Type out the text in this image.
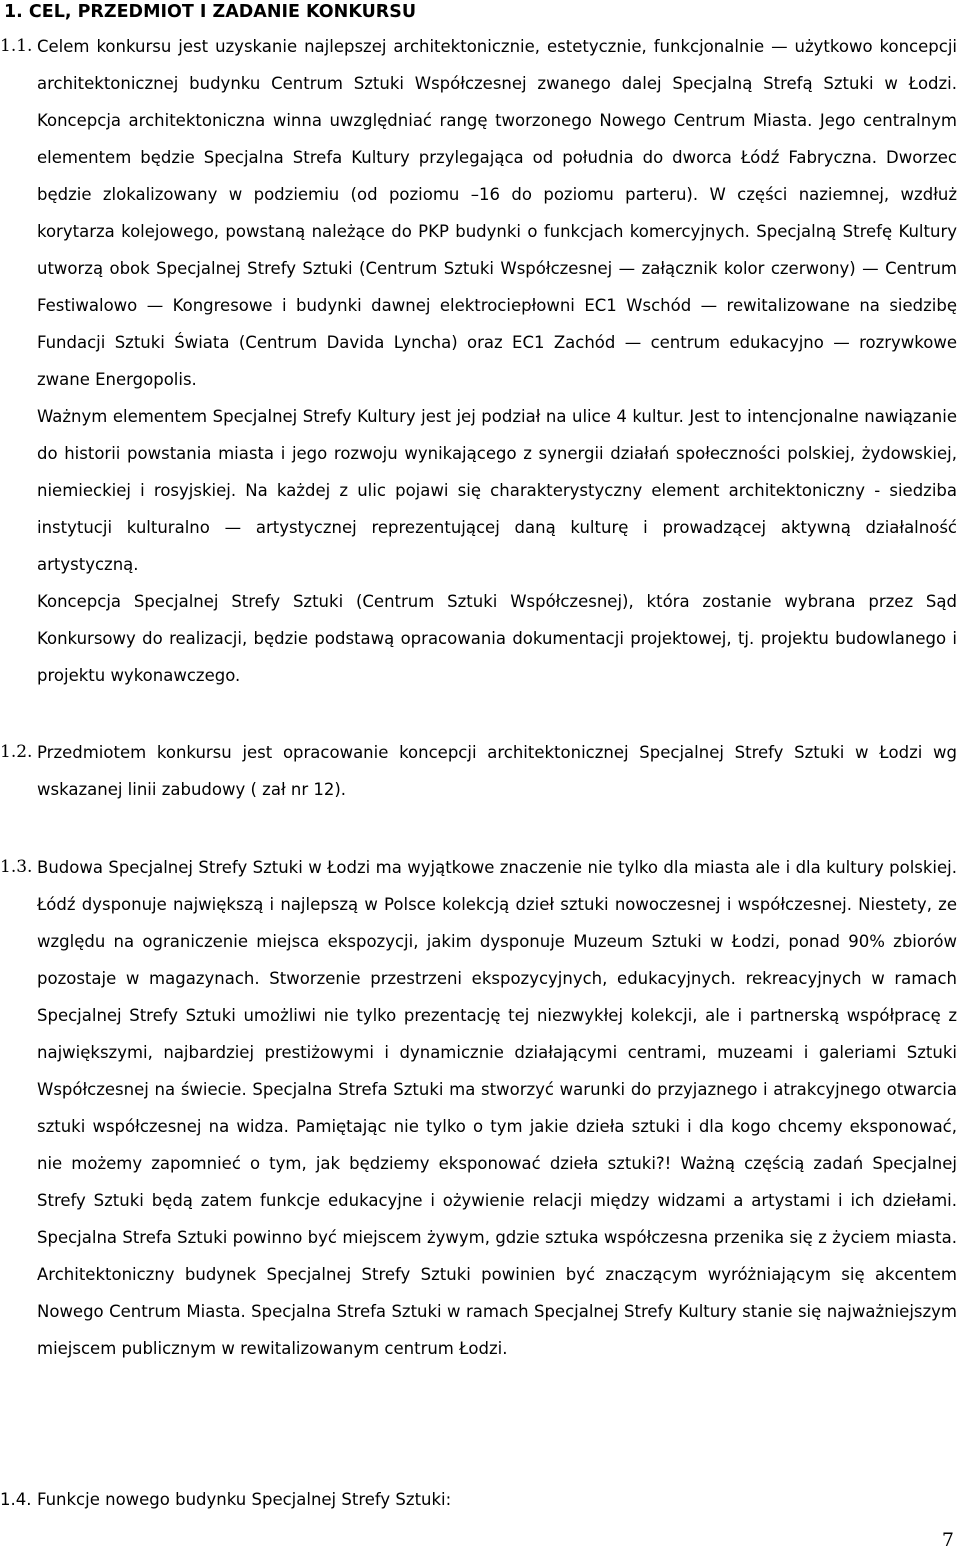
1. CEL, PRZEDMIOT I ZADANIE KONKURSU
1.1. Celem konkursu jest uzyskanie najlepszej architektonicznie, estetycznie, funkcjonalnie — użytkowo koncepcji architektonicznej budynku Centrum Sztuki Współczesnej zwanego dalej Specjalną Strefą Sztuki w Łodzi. Koncepcja architektoniczna winna uwzględniać rangę tworzonego Nowego Centrum Miasta. Jego centralnym elementem będzie Specjalna Strefa Kultury przylegająca od południa do dworca Łódź Fabryczna. Dworzec będzie zlokalizowany w podziemiu (od poziomu –16 do poziomu parteru). W części naziemnej, wzdłuż korytarza kolejowego, powstaną należące do PKP budynki o funkcjach komercyjnych. Specjalną Strefę Kultury utworzą obok Specjalnej Strefy Sztuki (Centrum Sztuki Współczesnej — załącznik kolor czerwony) — Centrum Festiwalowo — Kongresowe i budynki dawnej elektrociepłowni EC1 Wschód — rewitalizowane na siedzibę Fundacji Sztuki Świata (Centrum Davida Lyncha) oraz EC1 Zachód — centrum edukacyjno — rozrywkowe zwane Energopolis.

Ważnym elementem Specjalnej Strefy Kultury jest jej podział na ulice 4 kultur. Jest to intencjonalne nawiązanie do historii powstania miasta i jego rozwoju wynikającego z synergii działań społeczności polskiej, żydowskiej, niemieckiej i rosyjskiej. Na każdej z ulic pojawi się charakterystyczny element architektoniczny - siedziba instytucji kulturalno — artystycznej reprezentującej daną kulturę i prowadzącej aktywną działalność artystyczną.

Koncepcja Specjalnej Strefy Sztuki (Centrum Sztuki Współczesnej), która zostanie wybrana przez Sąd Konkursowy do realizacji, będzie podstawą opracowania dokumentacji projektowej, tj. projektu budowlanego i projektu wykonawczego.

1.2. Przedmiotem konkursu jest opracowanie koncepcji architektonicznej Specjalnej Strefy Sztuki w Łodzi wg wskazanej linii zabudowy ( zał nr 12).

1.3. Budowa Specjalnej Strefy Sztuki w Łodzi ma wyjątkowe znaczenie nie tylko dla miasta ale i dla kultury polskiej. Łódź dysponuje największą i najlepszą w Polsce kolekcją dzieł sztuki nowoczesnej i współczesnej. Niestety, ze względu na ograniczenie miejsca ekspozycji, jakim dysponuje Muzeum Sztuki w Łodzi, ponad 90% zbiorów pozostaje w magazynach. Stworzenie przestrzeni ekspozycyjnych, edukacyjnych. rekreacyjnych w ramach Specjalnej Strefy Sztuki umożliwi nie tylko prezentację tej niezwykłej kolekcji, ale i partnerską współpracę z największymi, najbardziej prestiżowymi i dynamicznie działającymi centrami, muzeami i galeriami Sztuki Współczesnej na świecie. Specjalna Strefa Sztuki ma stworzyć warunki do przyjaznego i atrakcyjnego otwarcia sztuki współczesnej na widza. Pamiętając nie tylko o tym jakie dzieła sztuki i dla kogo chcemy eksponować, nie możemy zapomnieć o tym, jak będziemy eksponować dzieła sztuki?! Ważną częścią zadań Specjalnej Strefy Sztuki będą zatem funkcje edukacyjne i ożywienie relacji między widzami a artystami i ich dziełami. Specjalna Strefa Sztuki powinno być miejscem żywym, gdzie sztuka współczesna przenika się z życiem miasta. Architektoniczny budynek Specjalnej Strefy Sztuki powinien być znaczącym wyróżniającym się akcentem Nowego Centrum Miasta. Specjalna Strefa Sztuki w ramach Specjalnej Strefy Kultury stanie się najważniejszym miejscem publicznym w rewitalizowanym centrum Łodzi.

1.4. Funkcje nowego budynku Specjalnej Strefy Sztuki:

7
